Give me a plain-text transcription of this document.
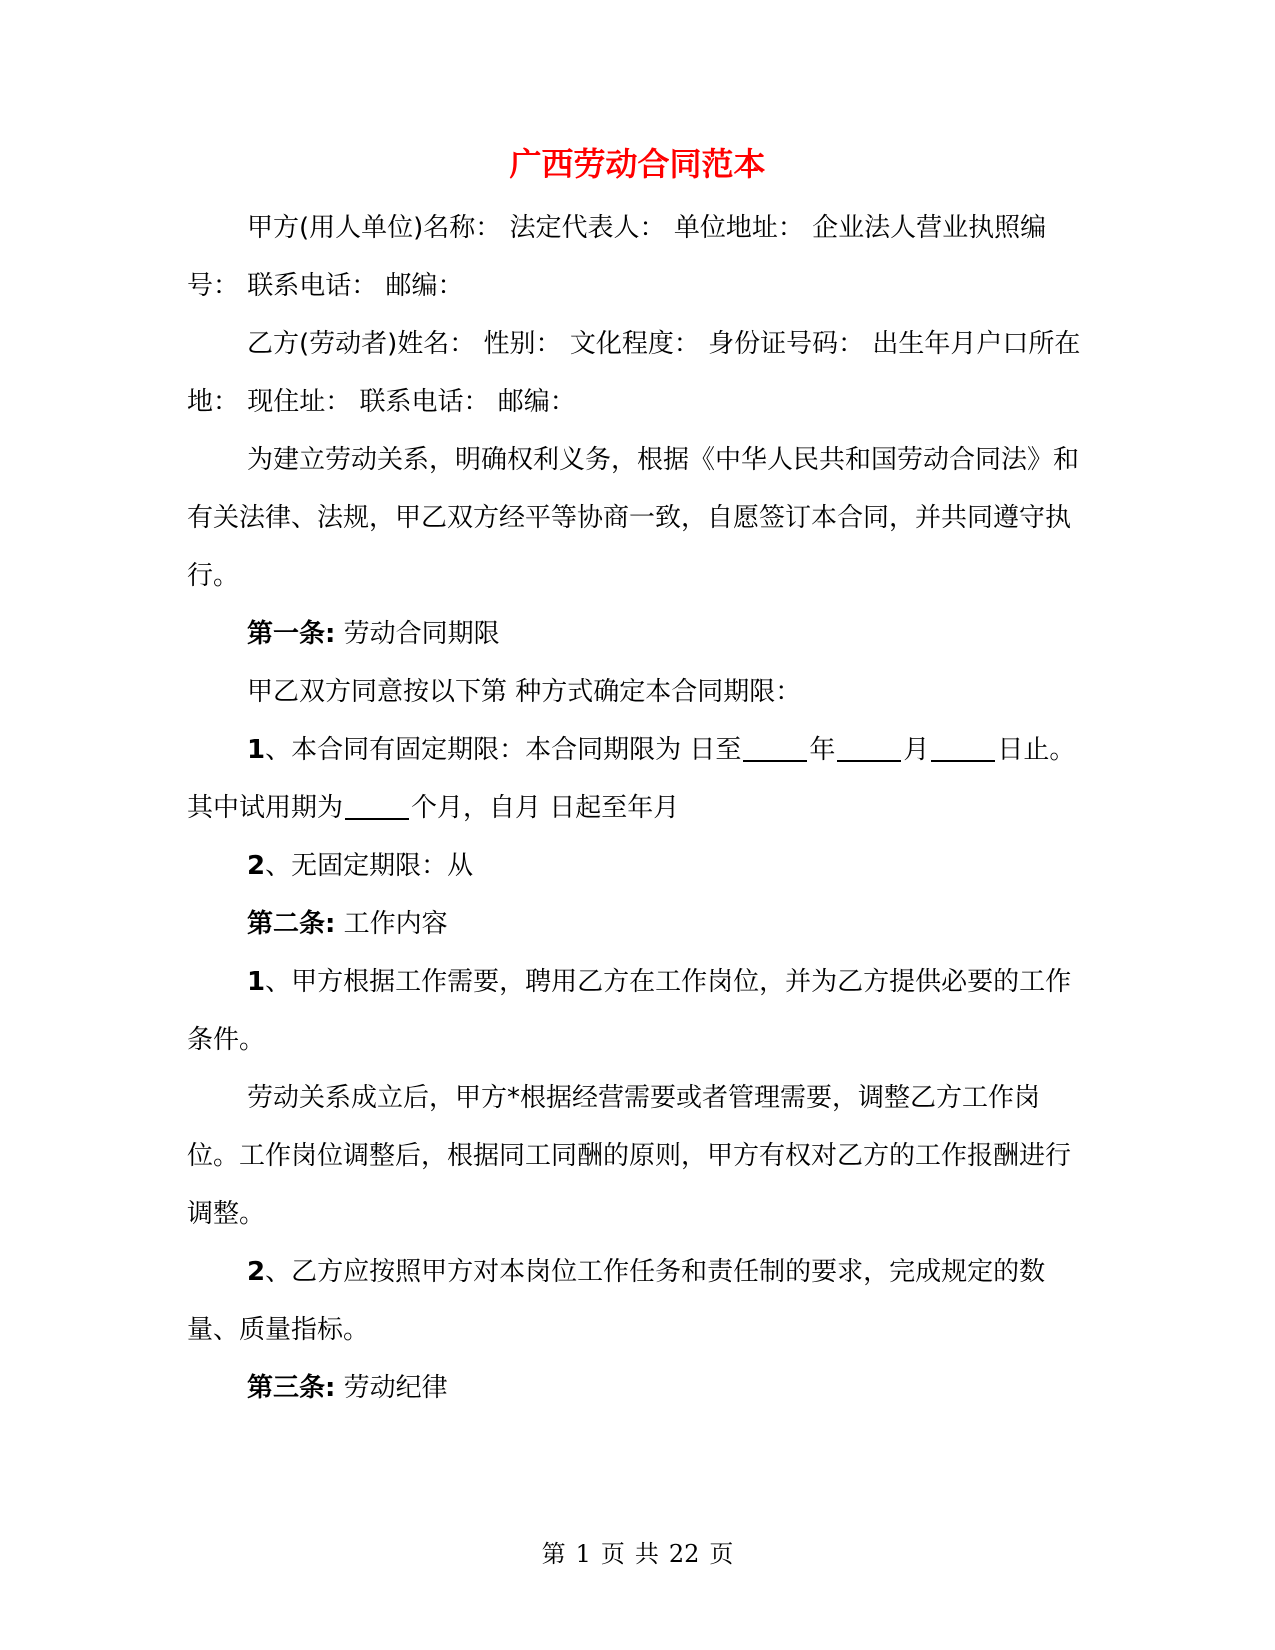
广西劳动合同范本

甲方(用人单位)名称： 法定代表人： 单位地址： 企业法人营业执照编号： 联系电话： 邮编：

乙方(劳动者)姓名： 性别： 文化程度： 身份证号码： 出生年月户口所在地： 现住址： 联系电话： 邮编：

为建立劳动关系，明确权利义务，根据《中华人民共和国劳动合同法》和有关法律、法规，甲乙双方经平等协商一致，自愿签订本合同，并共同遵守执行。

第一条: 劳动合同期限

甲乙双方同意按以下第 种方式确定本合同期限：

1、本合同有固定期限：本合同期限为 日至	年	月	日止。其中试用期为	个月，自月 日起至年月

2、无固定期限：从

第二条: 工作内容

1、甲方根据工作需要，聘用乙方在工作岗位，并为乙方提供必要的工作条件。

劳动关系成立后，甲方*根据经营需要或者管理需要，调整乙方工作岗位。工作岗位调整后，根据同工同酬的原则，甲方有权对乙方的工作报酬进行调整。

2、乙方应按照甲方对本岗位工作任务和责任制的要求，完成规定的数量、质量指标。

第三条: 劳动纪律

第 1 页 共 22 页
